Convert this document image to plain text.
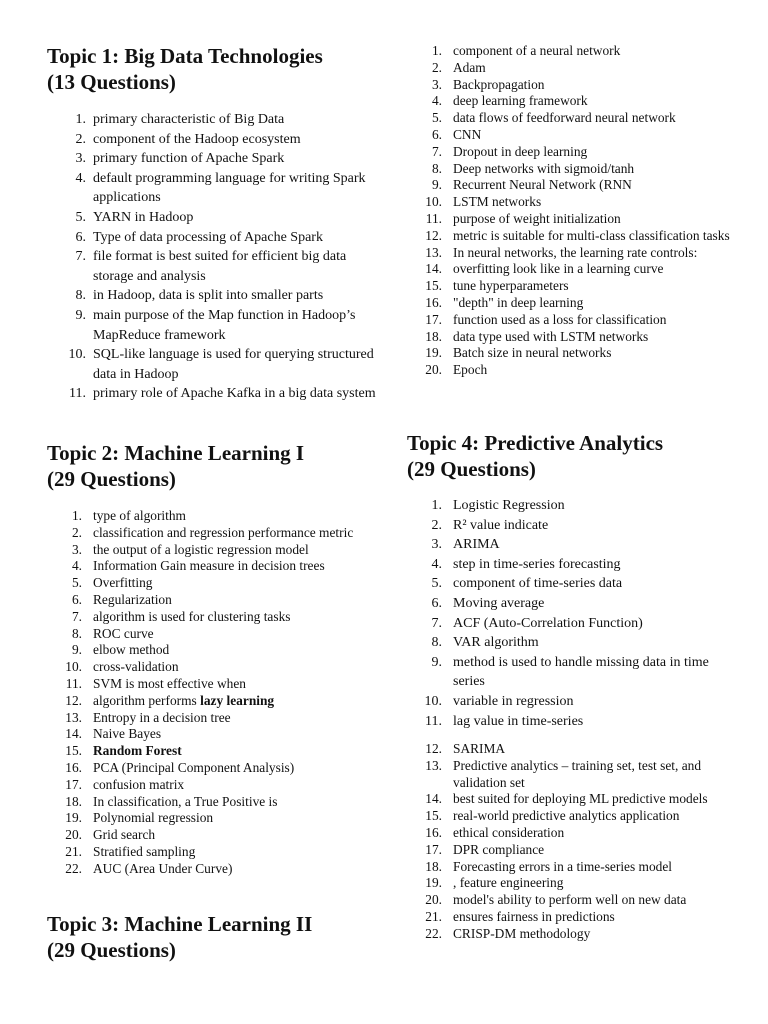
Topic 1: Big Data Technologies
(13 Questions)
1. primary characteristic of Big Data
2. component of the Hadoop ecosystem
3. primary function of Apache Spark
4. default programming language for writing Spark applications
5. YARN in Hadoop
6. Type of data processing of Apache Spark
7. file format is best suited for efficient big data storage and analysis
8. in Hadoop, data is split into smaller parts
9. main purpose of the Map function in Hadoop’s MapReduce framework
10. SQL-like language is used for querying structured data in Hadoop
11. primary role of Apache Kafka in a big data system
Topic 2: Machine Learning I
(29 Questions)
1. type of algorithm
2. classification and regression performance metric
3. the output of a logistic regression model
4. Information Gain measure in decision trees
5. Overfitting
6. Regularization
7. algorithm is used for clustering tasks
8. ROC curve
9. elbow method
10. cross-validation
11. SVM is most effective when
12. algorithm performs lazy learning
13. Entropy in a decision tree
14. Naive Bayes
15. Random Forest
16. PCA (Principal Component Analysis)
17. confusion matrix
18. In classification, a True Positive is
19. Polynomial regression
20. Grid search
21. Stratified sampling
22. AUC (Area Under Curve)
Topic 3: Machine Learning II
(29 Questions)
1. component of a neural network
2. Adam
3. Backpropagation
4. deep learning framework
5. data flows of feedforward neural network
6. CNN
7. Dropout in deep learning
8. Deep networks with sigmoid/tanh
9. Recurrent Neural Network (RNN
10. LSTM networks
11. purpose of weight initialization
12. metric is suitable for multi-class classification tasks
13. In neural networks, the learning rate controls:
14. overfitting look like in a learning curve
15. tune hyperparameters
16. "depth" in deep learning
17. function used as a loss for classification
18. data type used with LSTM networks
19. Batch size in neural networks
20. Epoch
Topic 4: Predictive Analytics
(29 Questions)
1. Logistic Regression
2. R² value indicate
3. ARIMA
4. step in time-series forecasting
5. component of time-series data
6. Moving average
7. ACF (Auto-Correlation Function)
8. VAR algorithm
9. method is used to handle missing data in time series
10. variable in regression
11. lag value in time-series
12. SARIMA
13. Predictive analytics – training set, test set, and validation set
14. best suited for deploying ML predictive models
15. real-world predictive analytics application
16. ethical consideration
17. DPR compliance
18. Forecasting errors in a time-series model
19. , feature engineering
20. model's ability to perform well on new data
21. ensures fairness in predictions
22. CRISP-DM methodology
